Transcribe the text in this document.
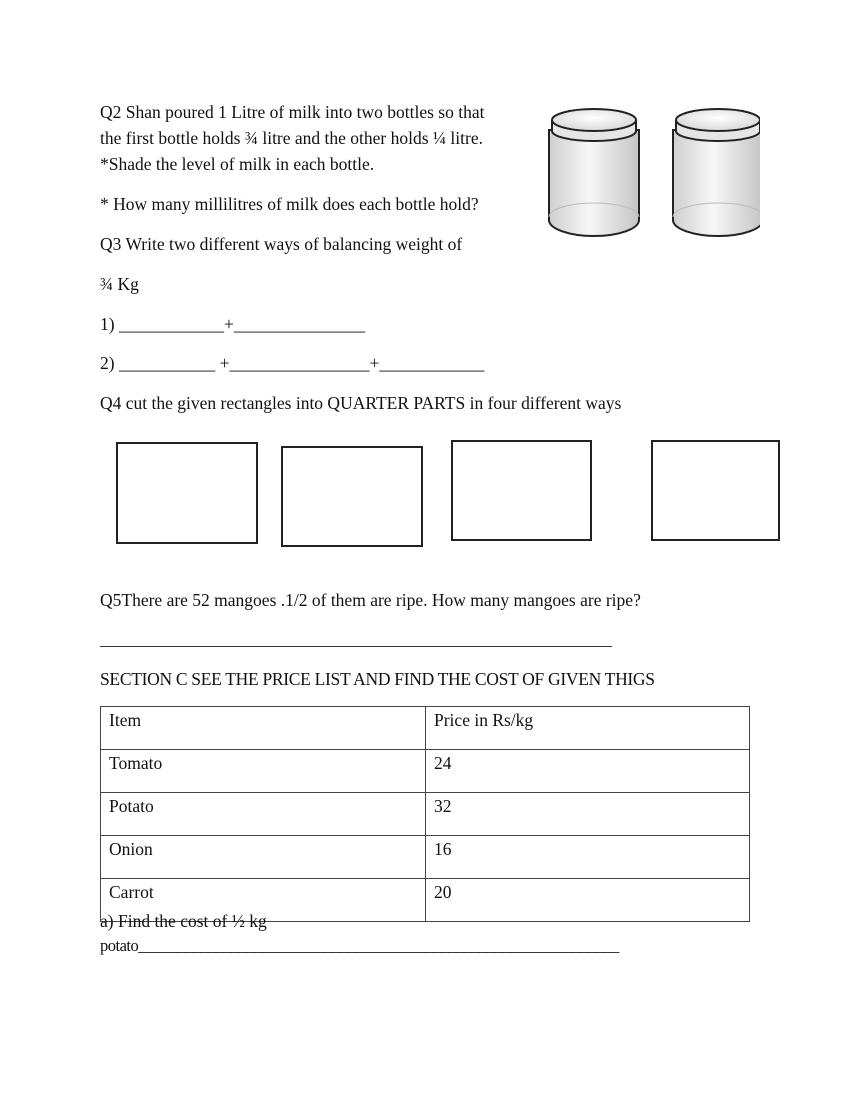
Q2 Shan poured 1 Litre of milk into two bottles so that
the first bottle holds ¾ litre and the other holds ¼ litre.
*Shade the level of milk in each bottle.
* How many millilitres of milk does each bottle hold?
Q3 Write two different ways of balancing weight of
¾ Kg
1) ____________+_______________
2) ___________ +________________+____________
Q4 cut the given rectangles into QUARTER PARTS in four different ways
Q5There are 52 mangoes .1/2 of them are ripe. How many mangoes are ripe?
__________________________________________________________________
SECTION C SEE THE PRICE LIST AND FIND THE COST OF GIVEN THIGS
Item	Price in Rs/kg
Tomato	24
Potato	32
Onion	16
Carrot	20
a) Find the cost of ½ kg
potato______________________________________________________________
